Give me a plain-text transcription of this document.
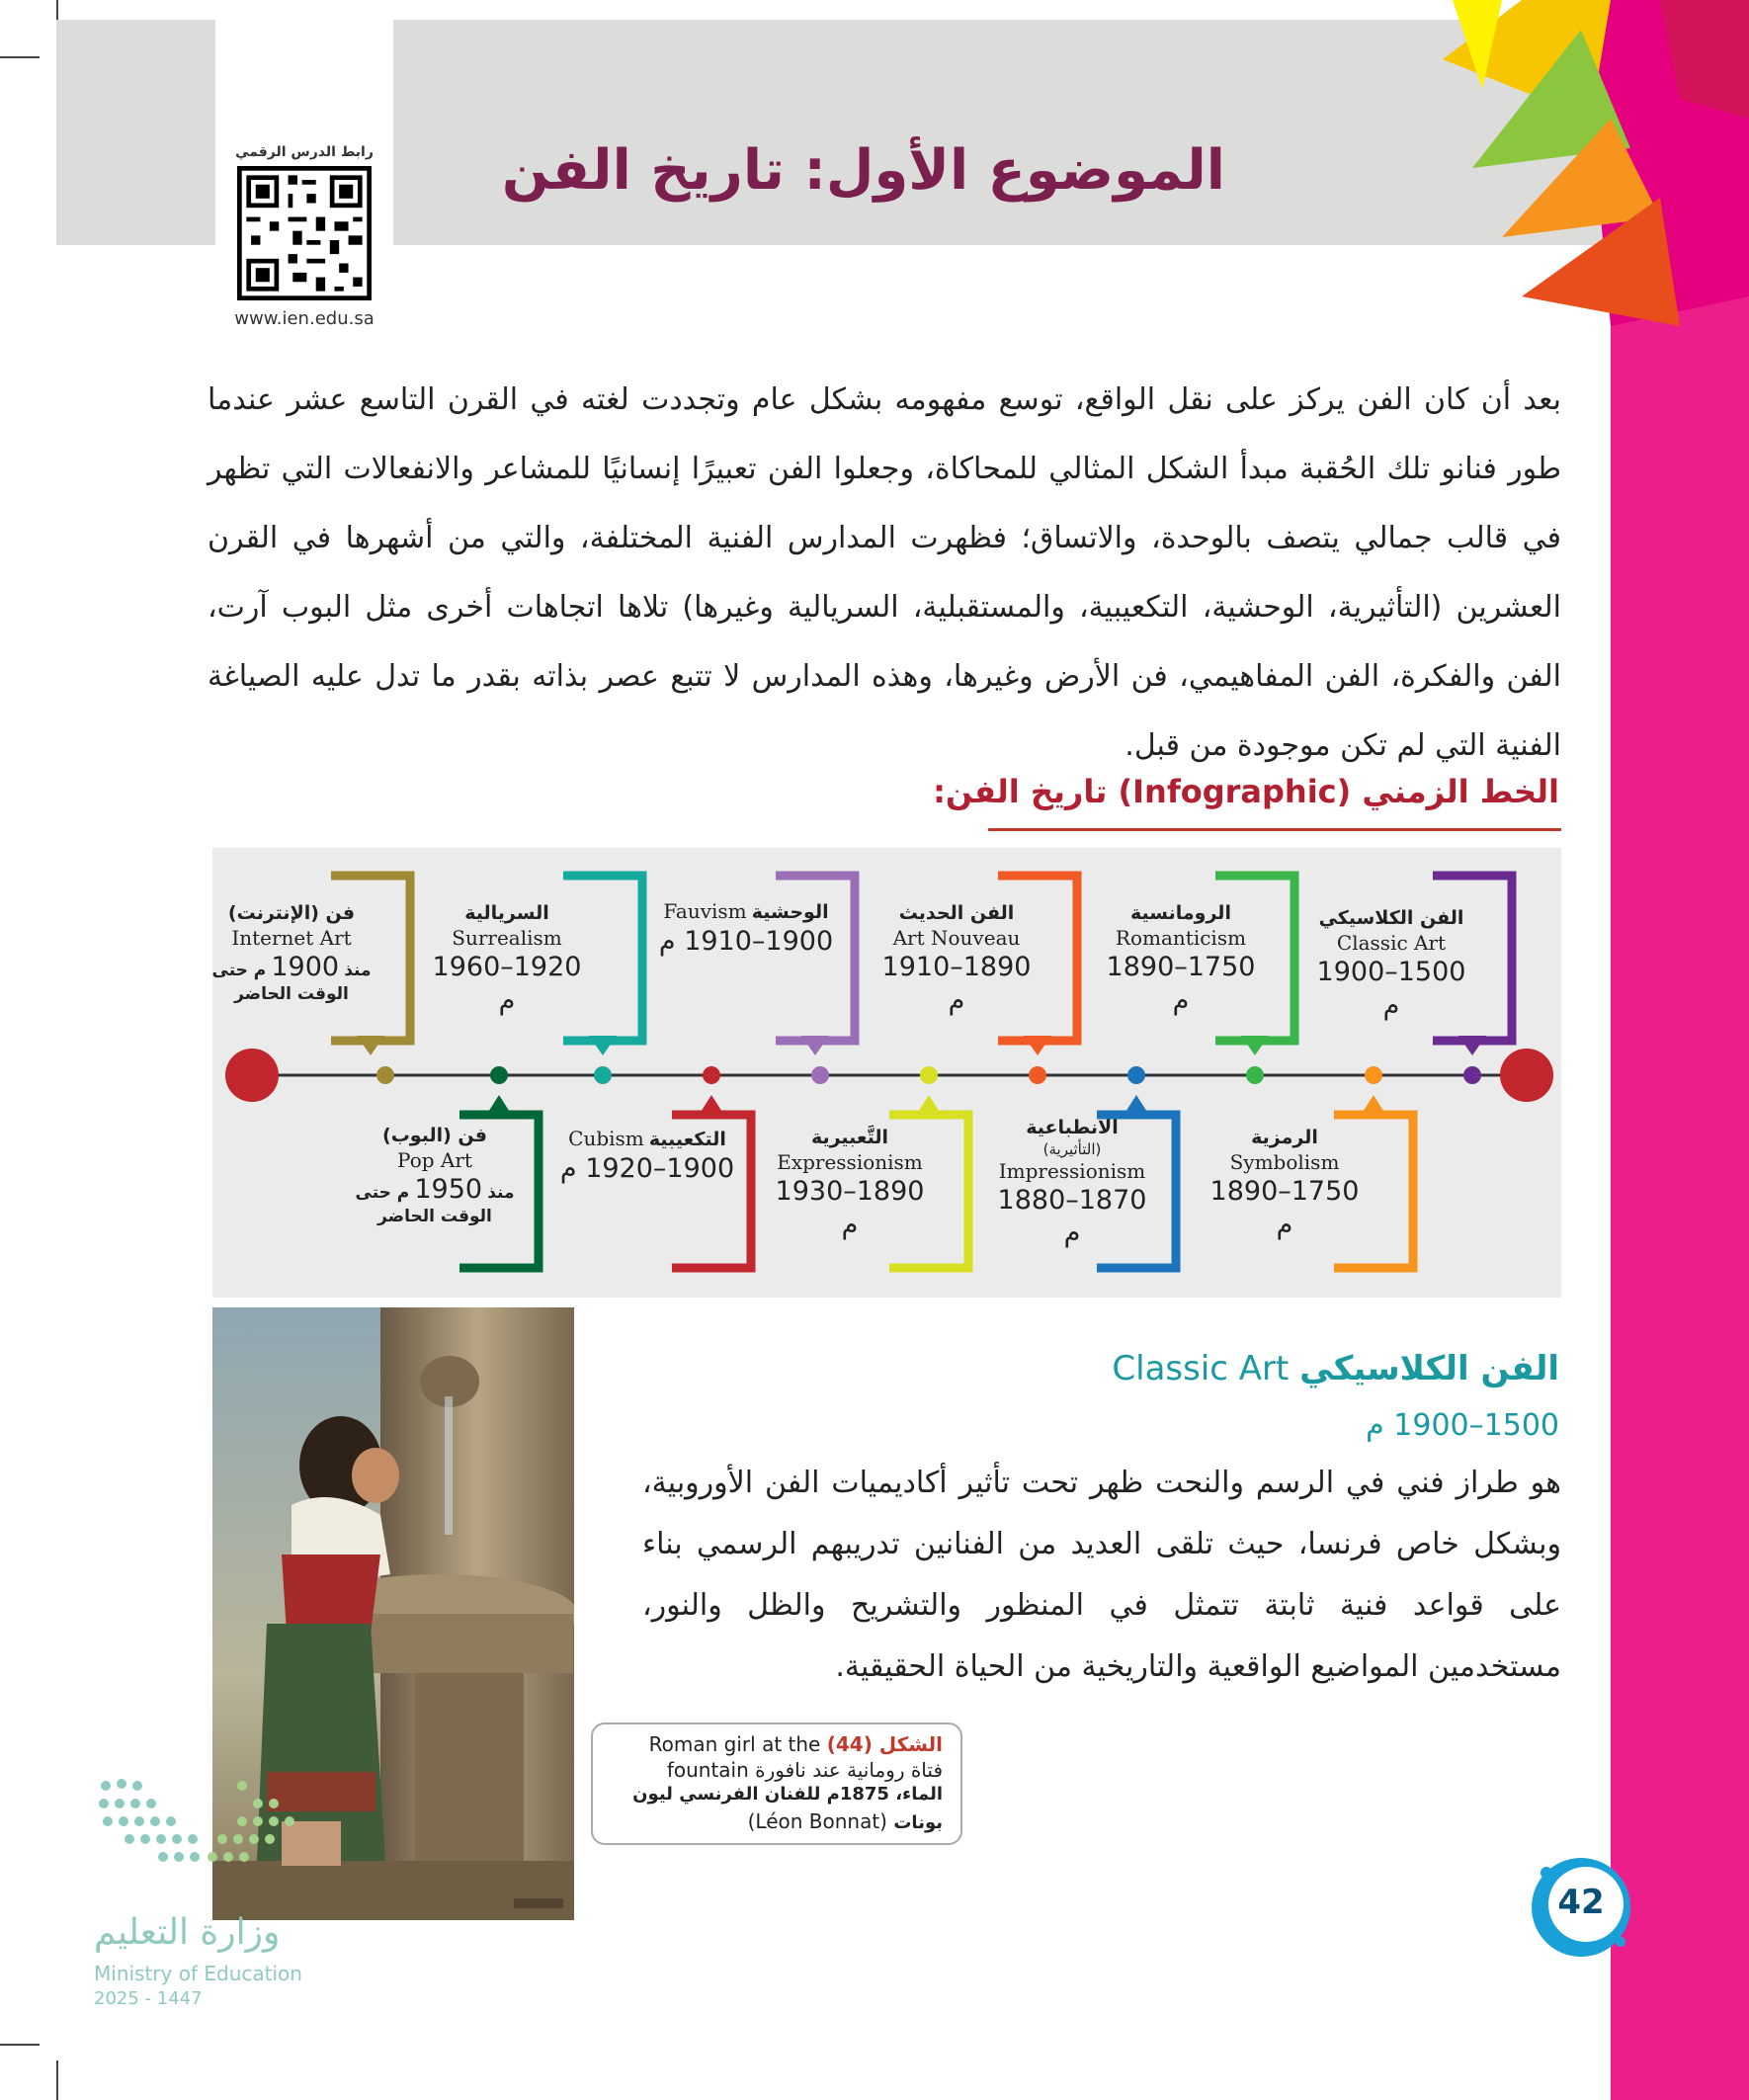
رابط الدرس الرقمي
www.ien.edu.sa
الموضوع الأول: تاريخ الفن
بعد أن كان الفن يركز على نقل الواقع، توسع مفهومه بشكل عام وتجددت لغته في القرن التاسع عشر عندما طور فنانو تلك الحُقبة مبدأ الشكل المثالي للمحاكاة، وجعلوا الفن تعبيرًا إنسانيًا للمشاعر والانفعالات التي تظهر في قالب جمالي يتصف بالوحدة، والاتساق؛ فظهرت المدارس الفنية المختلفة، والتي من أشهرها في القرن العشرين (التأثيرية، الوحشية، التكعيبية، والمستقبلية، السريالية وغيرها) تلاها اتجاهات أخرى مثل البوب آرت، الفن والفكرة، الفن المفاهيمي، فن الأرض وغيرها، وهذه المدارس لا تتبع عصر بذاته بقدر ما تدل عليه الصياغة الفنية التي لم تكن موجودة من قبل.
الخط الزمني (Infographic) تاريخ الفن:
الفن الكلاسيكي
Classic Art
1500–1900 م
الرومانسية
Romanticism
1750–1890 م
الفن الحديث
Art Nouveau
1890–1910 م
Fauvism الوحشية
1900–1910 م
السريالية
Surrealism
1920–1960 م
فن (الإنترنت)
Internet Art
منذ 1900 م حتى
الوقت الحاضر
الرمزية
Symbolism
1750–1890 م
الانطباعية
(التأثيرية)
Impressionism
1870–1880 م
التَّعبيرية
Expressionism
1890–1930 م
Cubism التكعيبية
1900–1920 م
فن (البوب)
Pop Art
منذ 1950 م حتى
الوقت الحاضر
الفن الكلاسيكي Classic Art
1500–1900 م
هو طراز فني في الرسم والنحت ظهر تحت تأثير أكاديميات الفن الأوروبية، وبشكل خاص فرنسا، حيث تلقى العديد من الفنانين تدريبهم الرسمي بناء على قواعد فنية ثابتة تتمثل في المنظور والتشريح والظل والنور، مستخدمين المواضيع الواقعية والتاريخية من الحياة الحقيقية.
الشكل (44) Roman girl at the
فتاة رومانية عند نافورة fountain
الماء، 1875م للفنان الفرنسي ليون
بونات (Léon Bonnat)
وزارة التعليم
Ministry of Education
2025 - 1447
42
